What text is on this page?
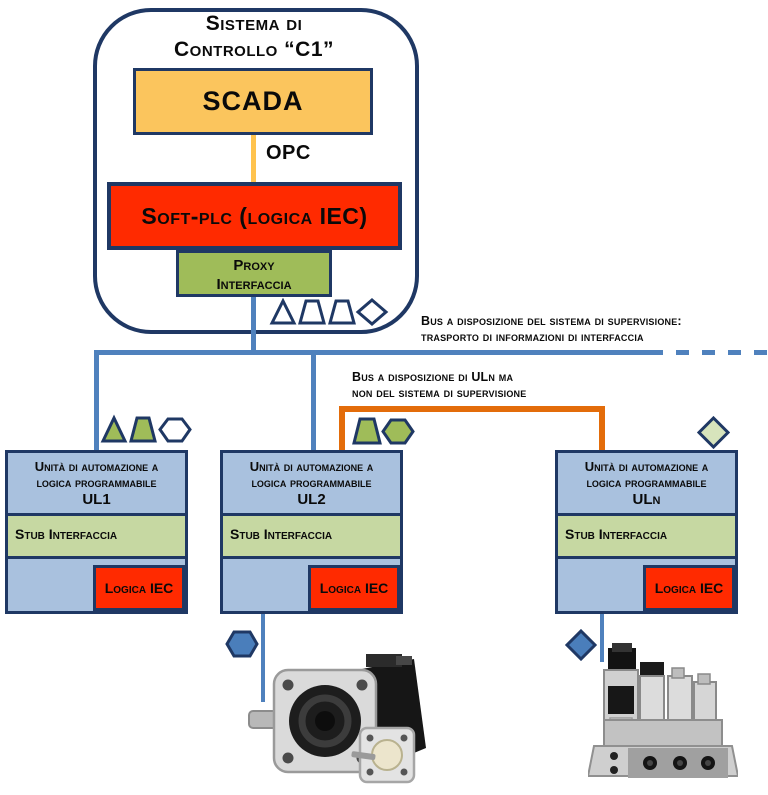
Sistema di
Controllo “C1”
SCADA
OPC
Soft-plc (logica IEC)
Proxy
Interfaccia
Bus a disposizione del sistema di supervisione:
trasporto di informazioni di interfaccia
Bus a disposizione di ULn ma
non del sistema di supervisione
Unità di automazione a
logica programmabile
UL1
Stub Interfaccia
Logica IEC
Unità di automazione a
logica programmabile
UL2
Stub Interfaccia
Logica IEC
Unità di automazione a
logica programmabile
ULn
Stub Interfaccia
Logica IEC
